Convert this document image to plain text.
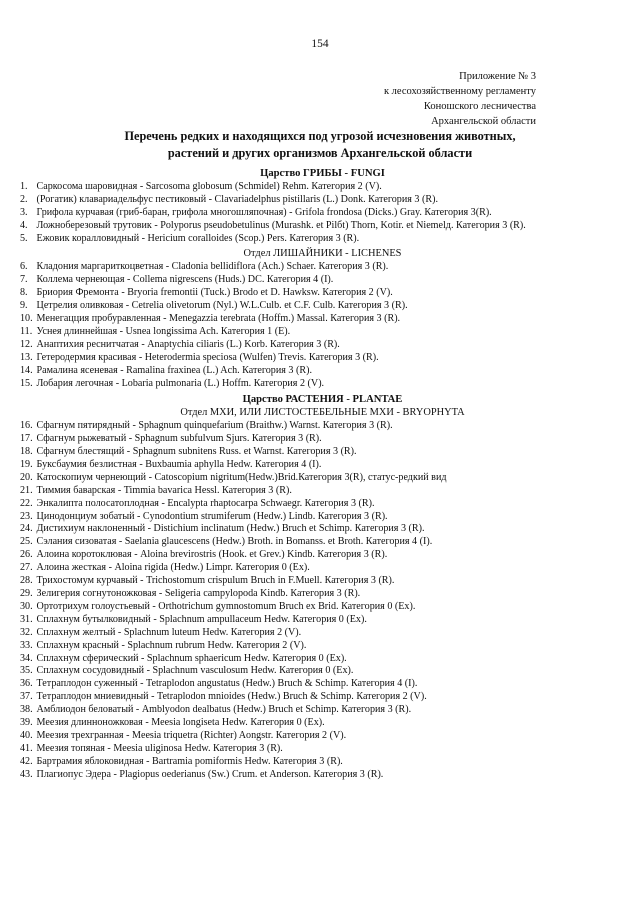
154
Приложение № 3
к лесохозяйственному регламенту
Коношского лесничества
Архангельской области
Перечень редких и находящихся под угрозой исчезновения животных,
растений и других организмов Архангельской области
Царство ГРИБЫ - FUNGI
1. Саркосома шаровидная - Sarcosoma globosum (Schmidel) Rehm. Категория 2 (V).
2. (Рогатик) клавариадельфус пестиковый - Clavariadelphus pistillaris (L.) Donk. Категория 3 (R).
3. Грифола курчавая (гриб-баран, грифола многошляпочная) - Grifola frondosa (Dicks.) Gray. Категория 3(R).
4. Ложноберезовый трутовик - Polyporus pseudobetulinus (Murashk. et Pilбt) Thorn, Kotir. et Niemelд. Категория 3 (R).
5. Ежовик коралловидный - Hericium coralloides (Scop.) Pers. Категория 3 (R).
Отдел ЛИШАЙНИКИ - LICHENES
6. Кладония маргариткоцветная - Cladonia bellidiflora (Ach.) Schaer. Категория 3 (R).
7. Коллема чернеющая - Collema nigrescens (Huds.) DC. Категория 4 (I).
8. Бриория Фремонта - Bryoria fremontii (Tuck.) Brodo et D. Hawksw. Категория 2 (V).
9. Цетрелия оливковая - Cetrelia olivetorum (Nyl.) W.L.Culb. et C.F. Culb. Категория 3 (R).
10. Менегацция пробуравленная - Menegazzia terebrata (Hoffm.) Massal. Категория 3 (R).
11. Уснея длиннейшая - Usnea longissima Ach. Категория 1 (E).
12. Анаптихия реснитчатая - Anaptychia ciliaris (L.) Korb. Категория 3 (R).
13. Гетеродермия красивая - Heterodermia speciosa (Wulfen) Trevis. Категория 3 (R).
14. Рамалина ясеневая - Ramalina fraxinea (L.) Ach. Категория 3 (R).
15. Лобария легочная - Lobaria pulmonaria (L.) Hoffm. Категория 2 (V).
Царство РАСТЕНИЯ - PLANTAE
Отдел МХИ, ИЛИ ЛИСТОСТЕБЕЛЬНЫЕ МХИ - BRYOPHYTA
16. Сфагнум пятирядный - Sphagnum quinquefarium (Braithw.) Warnst. Категория 3 (R).
17. Сфагнум рыжеватый - Sphagnum subfulvum Sjurs. Категория 3 (R).
18. Сфагнум блестящий - Sphagnum subnitens Russ. et Warnst. Категория 3 (R).
19. Буксбаумия безлистная - Buxbaumia aphylla Hedw. Категория 4 (I).
20. Катоскопиум чернеющий - Catoscopium nigritum(Hedw.)Brid.Категория 3(R), статус-редкий вид
21. Тиммия баварская - Timmia bavarica Hessl. Категория 3 (R).
22. Энкалипта полосатоплодная - Encalypta rhaptocarpa Schwaegr. Категория 3 (R).
23. Цинодонциум зобатый - Cynodontium strumiferum (Hedw.) Lindb. Категория 3 (R).
24. Дистихиум наклоненный - Distichium inclinatum (Hedw.) Bruch et Schimp. Категория 3 (R).
25. Сэлания сизоватая - Saelania glaucescens (Hedw.) Broth. in Bomanss. et Broth. Категория 4 (I).
26. Алоина коротоклювая - Aloina brevirostris (Hook. et Grev.) Kindb. Категория 3 (R).
27. Алоина жесткая - Aloina rigida (Hedw.) Limpr. Категория 0 (Ex).
28. Трихостомум курчавый - Trichostomum crispulum Bruch in F.Muell. Категория 3 (R).
29. Зелигерия согнутоножковая - Seligeria campylopoda Kindb. Категория 3 (R).
30. Ортотрихум голоустьевый - Orthotrichum gymnostomum Bruch ex Brid. Категория 0 (Ex).
31. Сплахнум бутылковидный - Splachnum ampullaceum Hedw. Категория 0 (Ex).
32. Сплахнум желтый - Splachnum luteum Hedw. Категория 2 (V).
33. Сплахнум красный - Splachnum rubrum Hedw. Категория 2 (V).
34. Сплахнум сферический - Splachnum sphaericum Hedw. Категория 0 (Ex).
35. Сплахнум сосудовидный - Splachnum vasculosum Hedw. Категория 0 (Ex).
36. Тетраплодон суженный - Tetraplodon angustatus (Hedw.) Bruch & Schimp. Категория 4 (I).
37. Тетраплодон мниевидный - Tetraplodon mnioides (Hedw.) Bruch & Schimp. Категория 2 (V).
38. Амблиодон беловатый - Amblyodon dealbatus (Hedw.) Bruch et Schimp. Категория 3 (R).
39. Меезия длинноножковая - Meesia longiseta Hedw. Категория 0 (Ex).
40. Меезия трехгранная - Meesia triquetra (Richter) Aongstr. Категория 2 (V).
41. Меезия топяная - Meesia uliginosa Hedw. Категория 3 (R).
42. Бартрамия яблоковидная - Bartramia pomiformis Hedw. Категория 3 (R).
43. Плагиопус Эдера - Plagiopus oederianus (Sw.) Crum. et Anderson. Категория 3 (R).
